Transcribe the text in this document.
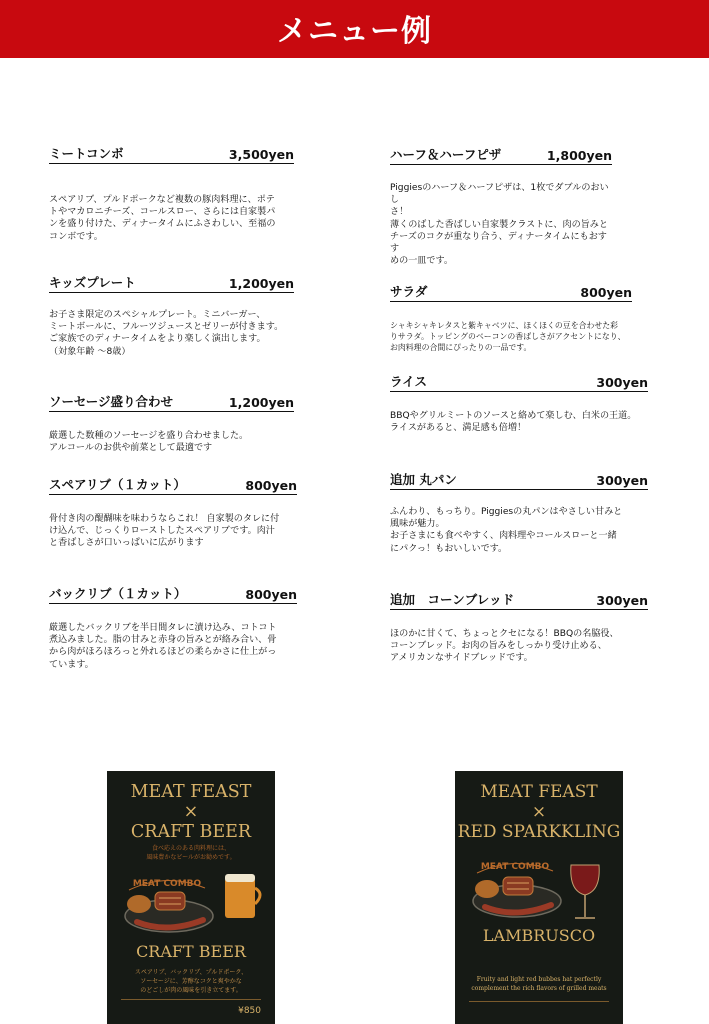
メニュー例
ミートコンボ	3,500yen
スペアリブ、プルドポークなど複数の豚肉料理に、ポテ
トやマカロニチーズ、コールスロー、さらには自家製パ
ンを盛り付けた、ディナータイムにふさわしい、至福の
コンボです。
キッズプレート	1,200yen
お子さま限定のスペシャルプレート。ミニバーガー、
ミートボールに、フルーツジュースとゼリーが付きます。
ご家族でのディナータイムをより楽しく演出します。
（対象年齢 ～8歳）
ソーセージ盛り合わせ	1,200yen
厳選した数種のソーセージを盛り合わせました。
アルコールのお供や前菜として最適です
スペアリブ（１カット）	800yen
骨付き肉の醍醐味を味わうならこれ！ 自家製のタレに付
け込んで、じっくりローストしたスペアリブです。肉汁
と香ばしさが口いっぱいに広がります
バックリブ（１カット）	800yen
厳選したバックリブを半日間タレに漬け込み、コトコト
煮込みました。脂の甘みと赤身の旨みとが絡み合い、骨
から肉がほろほろっと外れるほどの柔らかさに仕上がっ
ています。
ハーフ＆ハーフピザ	1,800yen
Piggiesのハーフ＆ハーフピザは、1枚でダブルのおいし
さ！
薄くのばした香ばしい自家製クラストに、肉の旨みと
チーズのコクが重なり合う、ディナータイムにもおすす
めの一皿です。
サラダ	800yen
シャキシャキレタスと紫キャベツに、ほくほくの豆を合わせた彩
りサラダ。トッピングのベーコンの香ばしさがアクセントになり、
お肉料理の合間にぴったりの一品です。
ライス	300yen
BBQやグリルミートのソースと絡めて楽しむ、白米の王道。
ライスがあると、満足感も倍増！
追加 丸パン	300yen
ふんわり、もっちり。Piggiesの丸パンはやさしい甘みと
風味が魅力。
お子さまにも食べやすく、肉料理やコールスローと一緒
にパクっ！もおいしいです。
追加　コーンブレッド	300yen
ほのかに甘くて、ちょっとクセになる！BBQの名脇役、
コーンブレッド。お肉の旨みをしっかり受け止める、
アメリカンなサイドブレッドです。
MEAT FEAST
×
CRAFT BEER
食べ応えのある肉料理には、
風味豊かなビールがお勧めです。
MEAT COMBO
CRAFT BEER
スペアリブ、バックリブ、プルドポーク、
ソーセージに、芳醇なコクと爽やかな
のどごしが肉の風味を引き立てます。
¥850
MEAT FEAST
×
RED SPARKKLING
MEAT COMBO
LAMBRUSCO
Fruity and light red bubbes hat perfectly
complement the rich flavors of grilled meats
